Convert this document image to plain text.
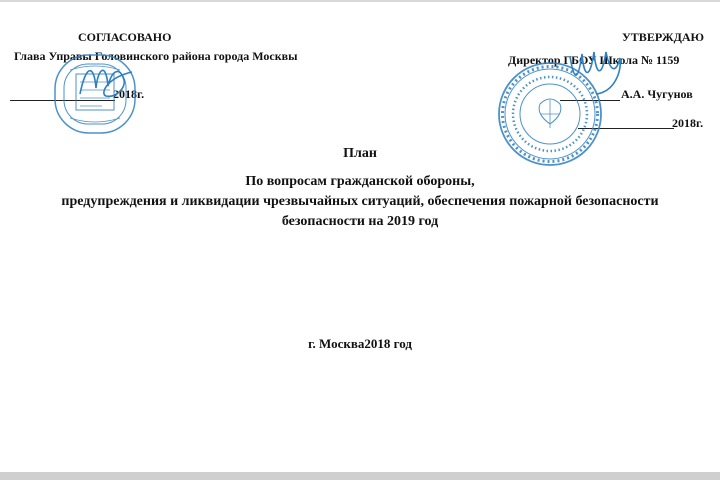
СОГЛАСОВАНО
Глава Управы Головинского района города Москвы
2018г.
УТВЕРЖДАЮ
Директор ГБОУ Школа № 1159
А.А. Чугунов
2018г.
План
По вопросам гражданской обороны,
предупреждения и ликвидации чрезвычайных ситуаций, обеспечения пожарной безопасности
безопасности на 2019 год
г. Москва2018 год
